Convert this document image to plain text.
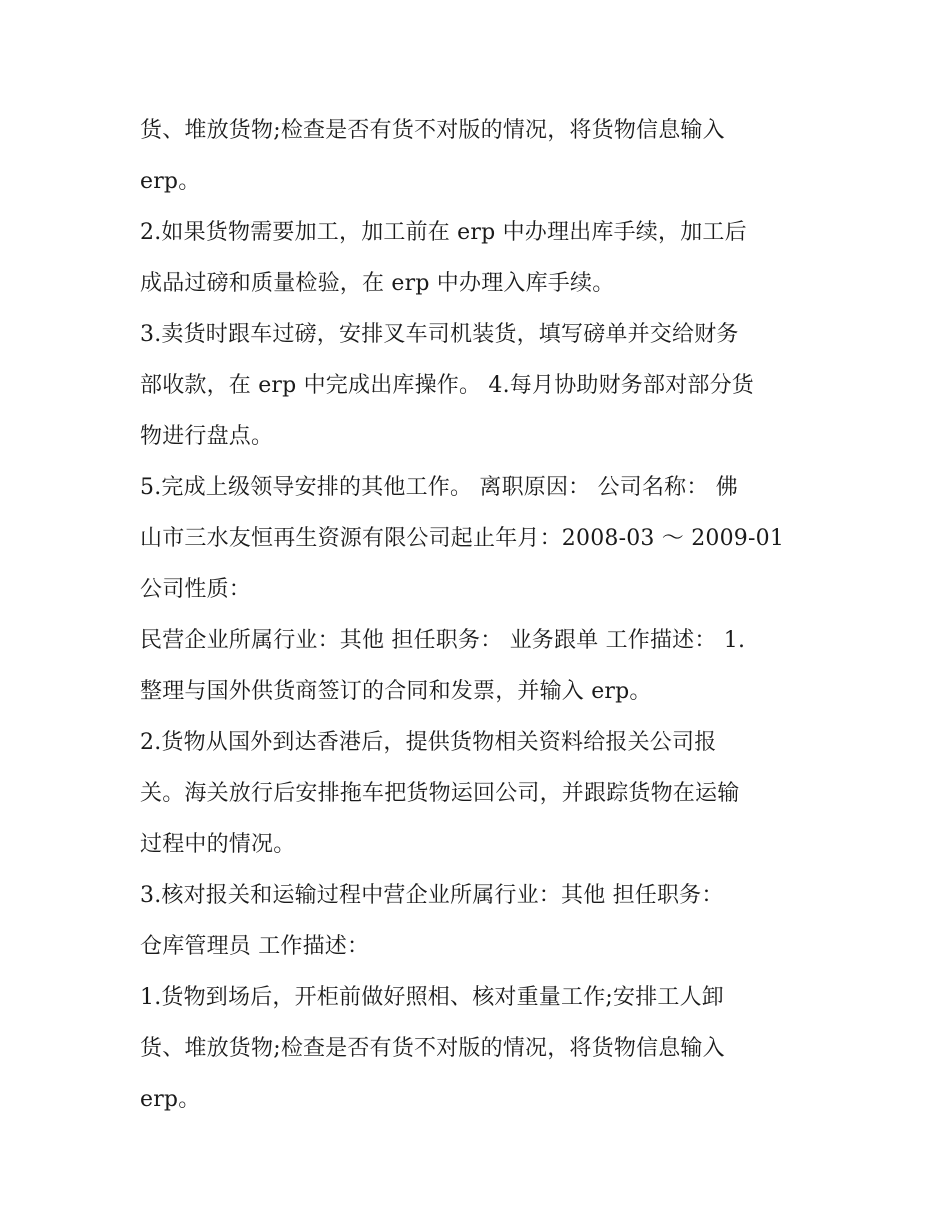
货、堆放货物;检查是否有货不对版的情况，将货物信息输入
erp。
2.如果货物需要加工，加工前在 erp 中办理出库手续，加工后
成品过磅和质量检验，在 erp 中办理入库手续。
3.卖货时跟车过磅，安排叉车司机装货，填写磅单并交给财务
部收款，在 erp 中完成出库操作。 4.每月协助财务部对部分货
物进行盘点。
5.完成上级领导安排的其他工作。 离职原因： 公司名称： 佛
山市三水友恒再生资源有限公司起止年月：2008-03 ～ 2009-01
公司性质：
民营企业所属行业：其他 担任职务： 业务跟单 工作描述： 1.
整理与国外供货商签订的合同和发票，并输入 erp。
2.货物从国外到达香港后，提供货物相关资料给报关公司报
关。海关放行后安排拖车把货物运回公司，并跟踪货物在运输
过程中的情况。
3.核对报关和运输过程中营企业所属行业：其他 担任职务：
仓库管理员 工作描述：
1.货物到场后，开柜前做好照相、核对重量工作;安排工人卸
货、堆放货物;检查是否有货不对版的情况，将货物信息输入
erp。
